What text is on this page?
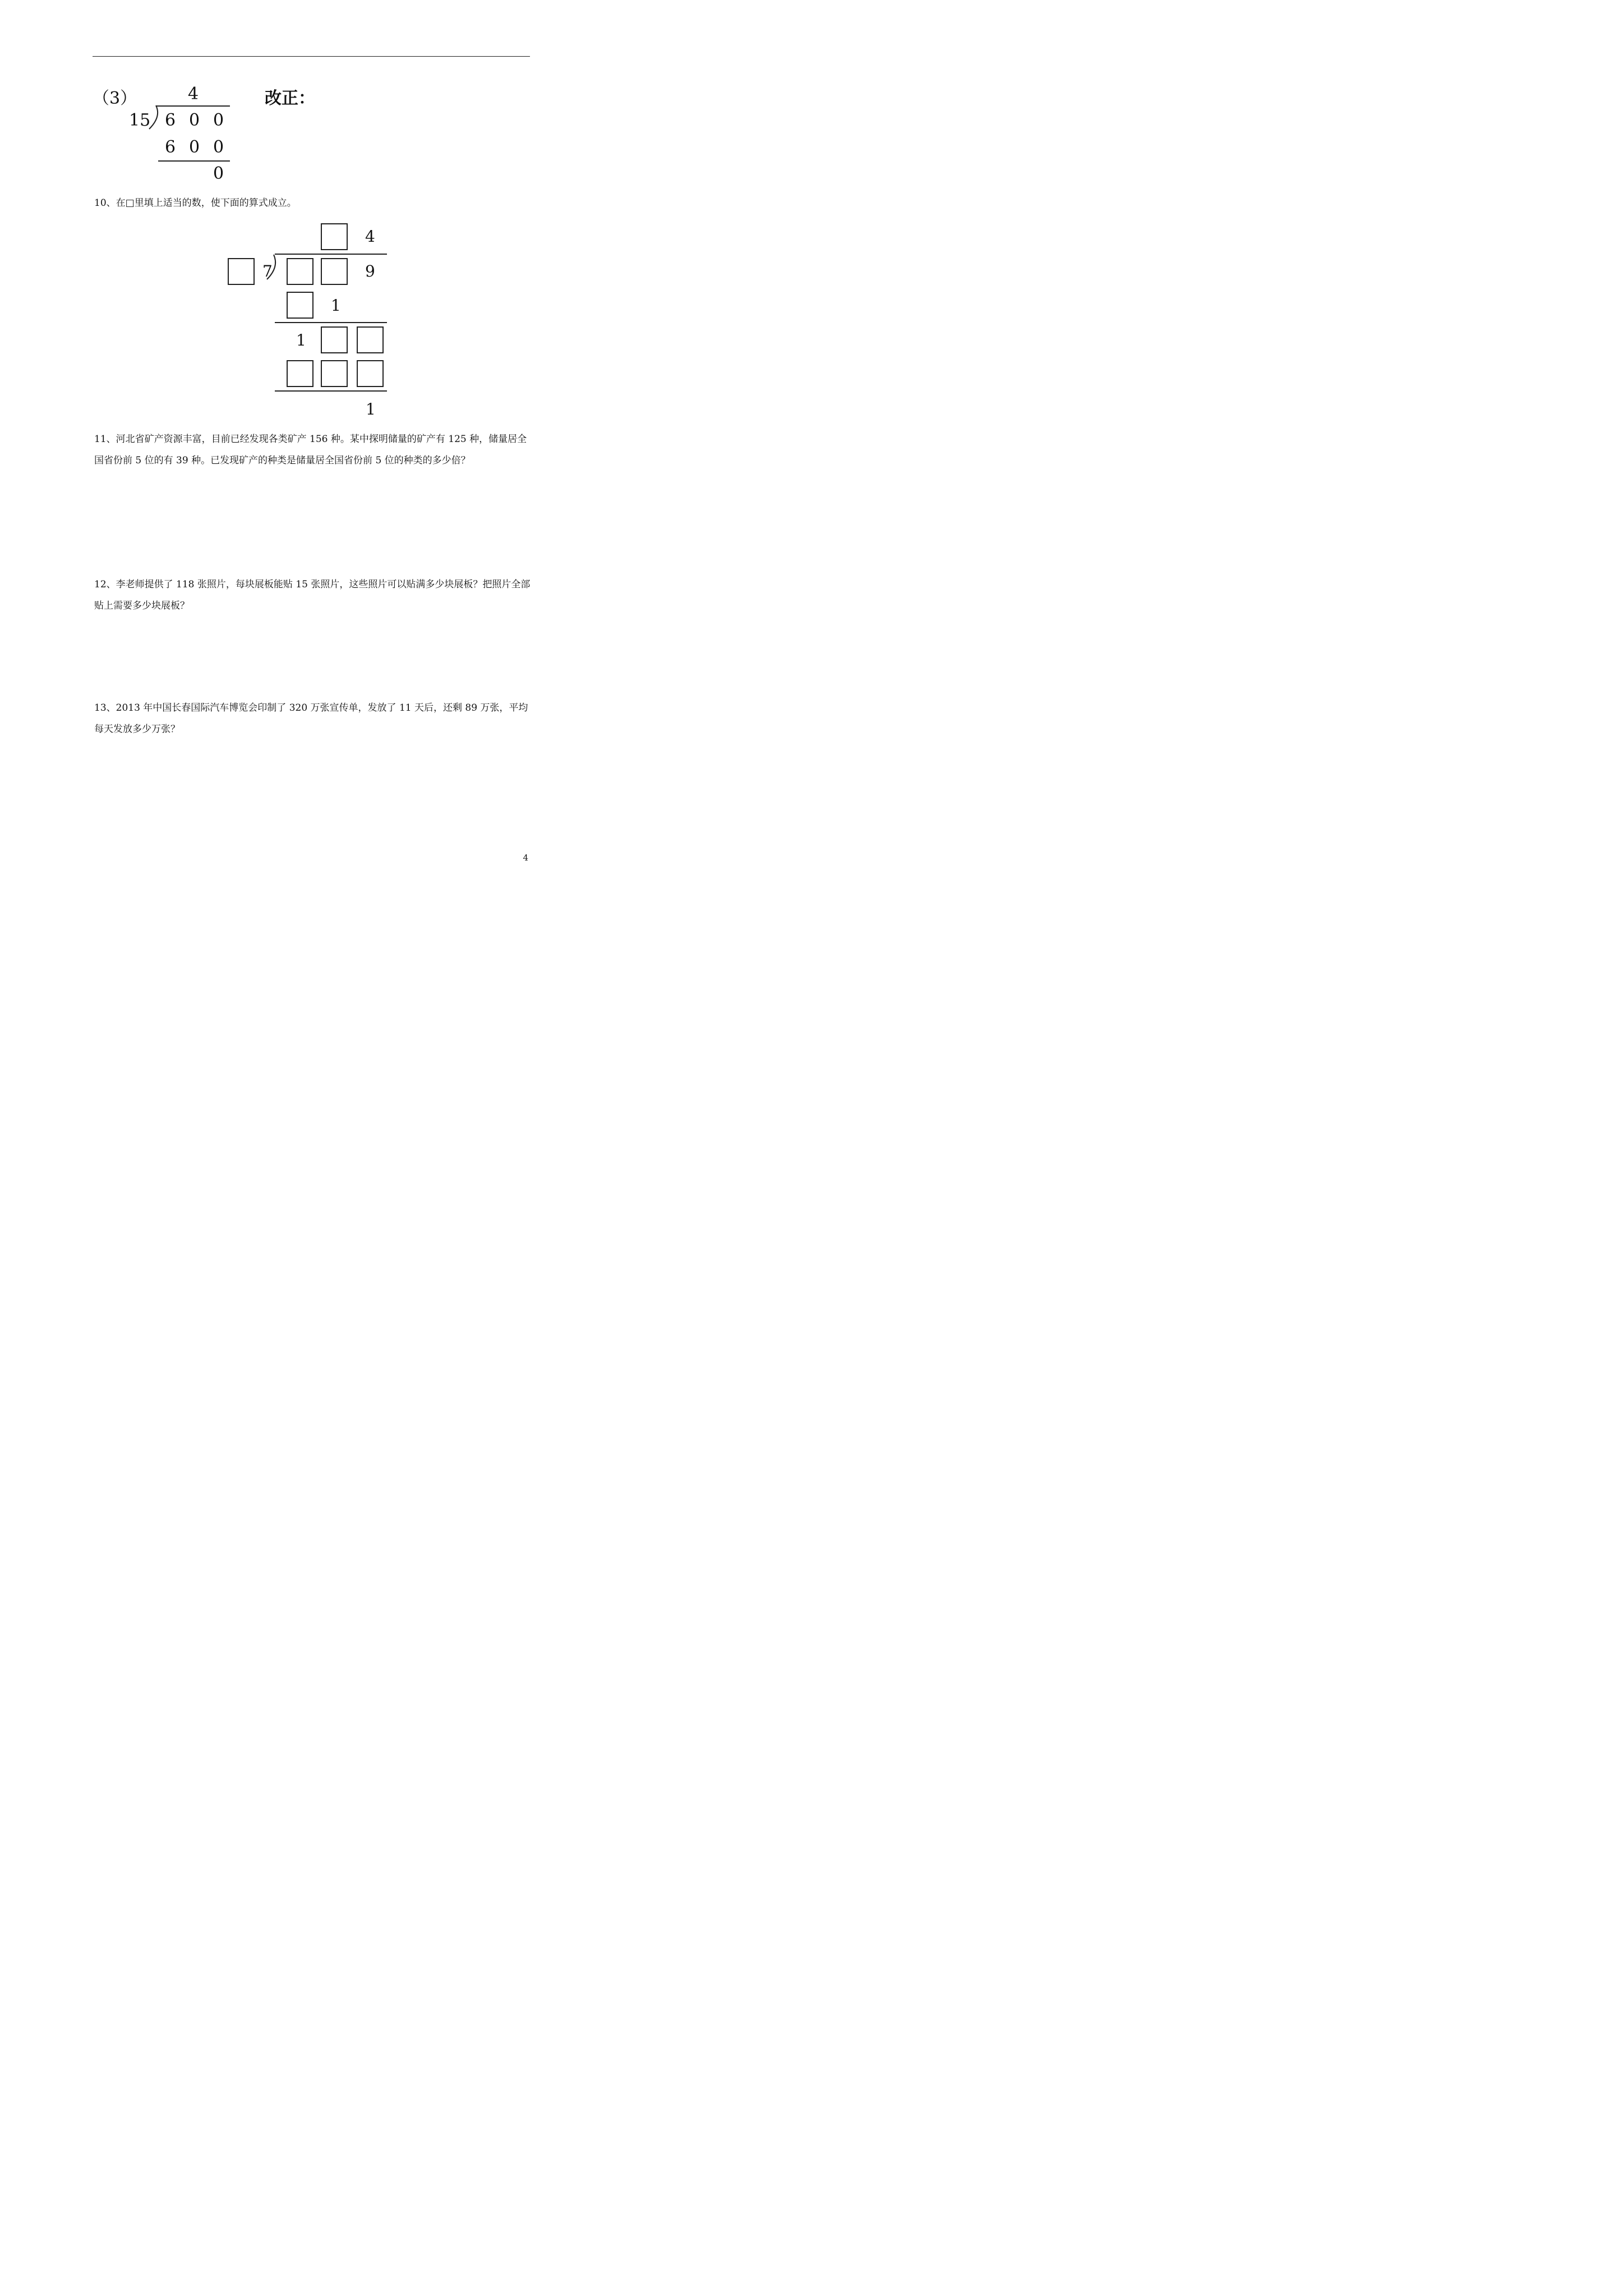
（3）	4	改正：
15 6 0 0
6 0 0
0
10、在□里填上适当的数，使下面的算式成立。
4
7	9
1
1
1
11、河北省矿产资源丰富，目前已经发现各类矿产 156 种。某中探明储量的矿产有 125 种，储量居全国省份前 5 位的有 39 种。已发现矿产的种类是储量居全国省份前 5 位的种类的多少倍？
12、李老师提供了 118 张照片，每块展板能贴 15 张照片，这些照片可以贴满多少块展板？把照片全部贴上需要多少块展板？
13、2013 年中国长春国际汽车博览会印制了 320 万张宣传单，发放了 11 天后，还剩 89 万张，平均每天发放多少万张？
4
